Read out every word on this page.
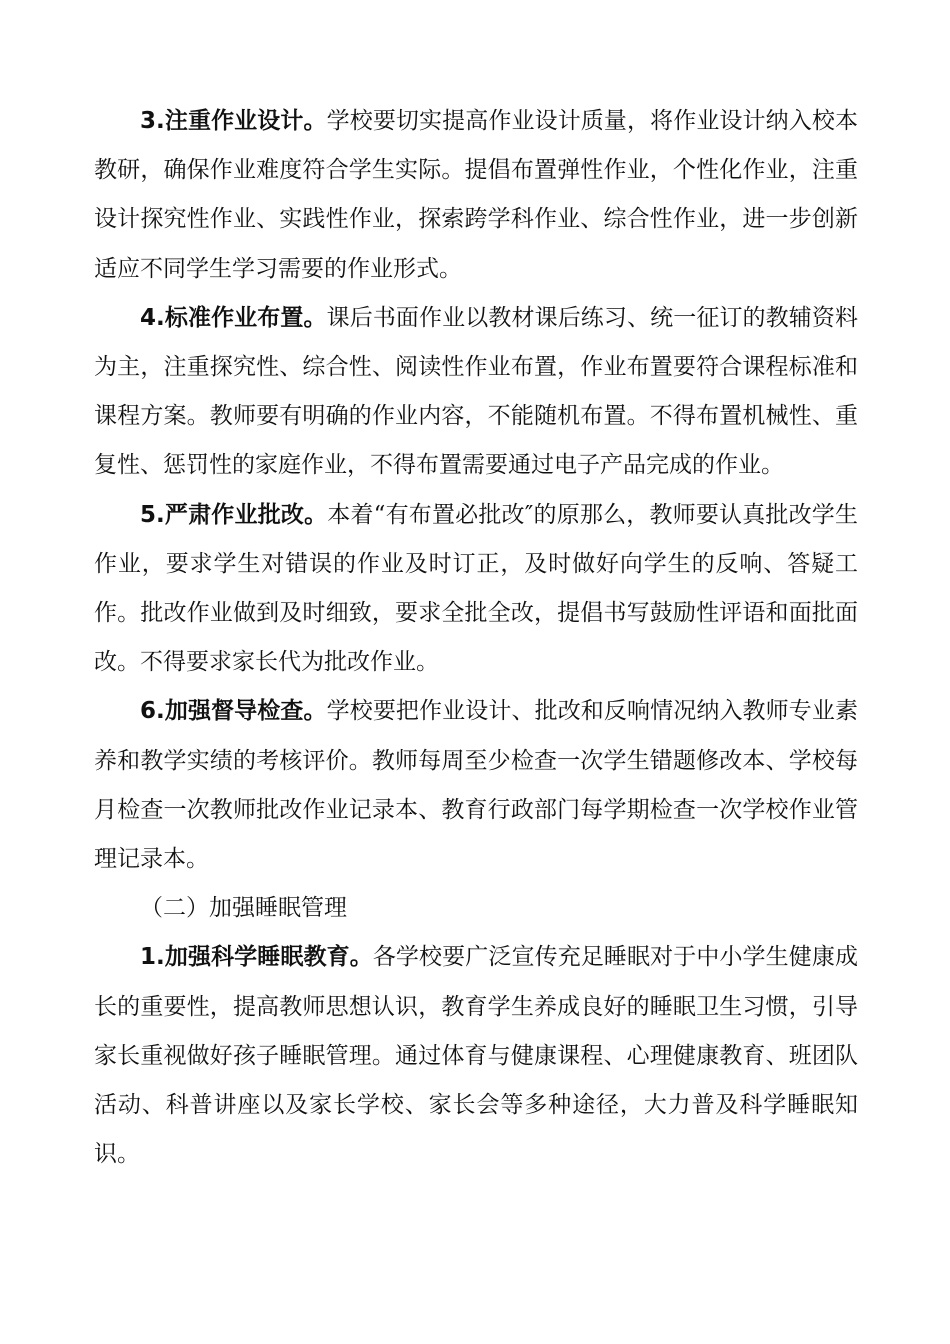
3.注重作业设计。学校要切实提高作业设计质量，将作业设计纳入校本教研，确保作业难度符合学生实际。提倡布置弹性作业，个性化作业，注重设计探究性作业、实践性作业，探索跨学科作业、综合性作业，进一步创新适应不同学生学习需要的作业形式。

4.标准作业布置。课后书面作业以教材课后练习、统一征订的教辅资料为主，注重探究性、综合性、阅读性作业布置，作业布置要符合课程标准和课程方案。教师要有明确的作业内容，不能随机布置。不得布置机械性、重复性、惩罚性的家庭作业，不得布置需要通过电子产品完成的作业。

5.严肃作业批改。本着“有布置必批改″的原那么，教师要认真批改学生作业，要求学生对错误的作业及时订正，及时做好向学生的反响、答疑工作。批改作业做到及时细致，要求全批全改，提倡书写鼓励性评语和面批面改。不得要求家长代为批改作业。

6.加强督导检查。学校要把作业设计、批改和反响情况纳入教师专业素养和教学实绩的考核评价。教师每周至少检查一次学生错题修改本、学校每月检查一次教师批改作业记录本、教育行政部门每学期检查一次学校作业管理记录本。

（二）加强睡眠管理

1.加强科学睡眠教育。各学校要广泛宣传充足睡眠对于中小学生健康成长的重要性，提高教师思想认识，教育学生养成良好的睡眠卫生习惯，引导家长重视做好孩子睡眠管理。通过体育与健康课程、心理健康教育、班团队活动、科普讲座以及家长学校、家长会等多种途径，大力普及科学睡眠知识。
